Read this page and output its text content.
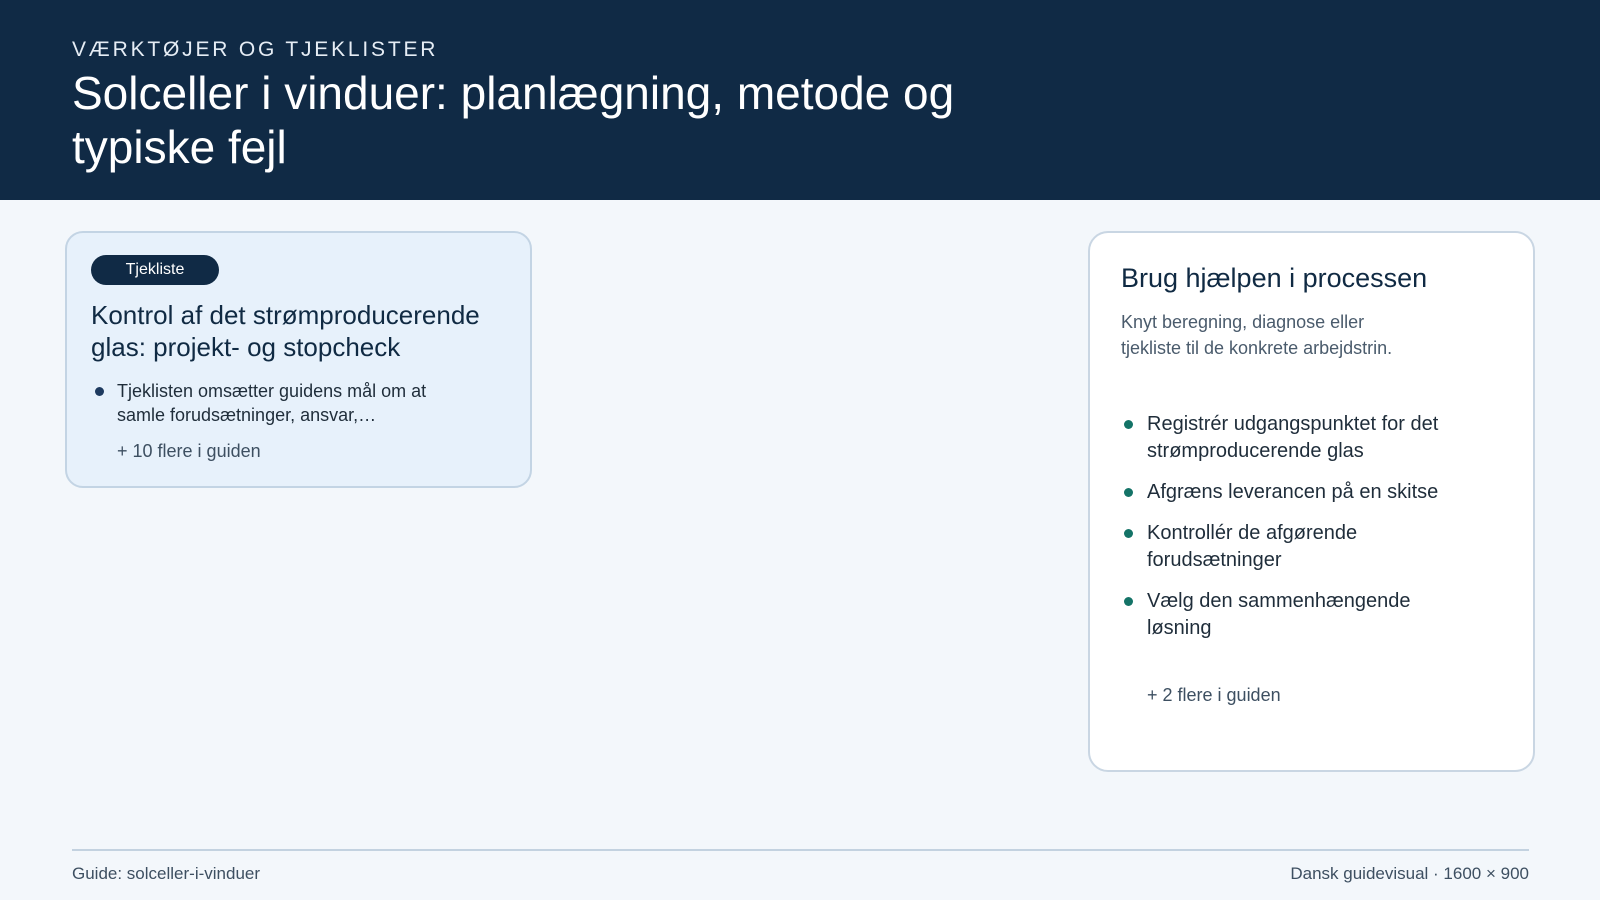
VÆRKTØJER OG TJEKLISTER
Solceller i vinduer: planlægning, metode og typiske fejl
Tjekliste
Kontrol af det strømproducerende glas: projekt- og stopcheck
Tjeklisten omsætter guidens mål om at samle forudsætninger, ansvar,…
+ 10 flere i guiden
Brug hjælpen i processen
Knyt beregning, diagnose eller tjekliste til de konkrete arbejdstrin.
Registrér udgangspunktet for det strømproducerende glas
Afgræns leverancen på en skitse
Kontrollér de afgørende forudsætninger
Vælg den sammenhængende løsning
+ 2 flere i guiden
Guide: solceller-i-vinduer	Dansk guidevisual · 1600 × 900
